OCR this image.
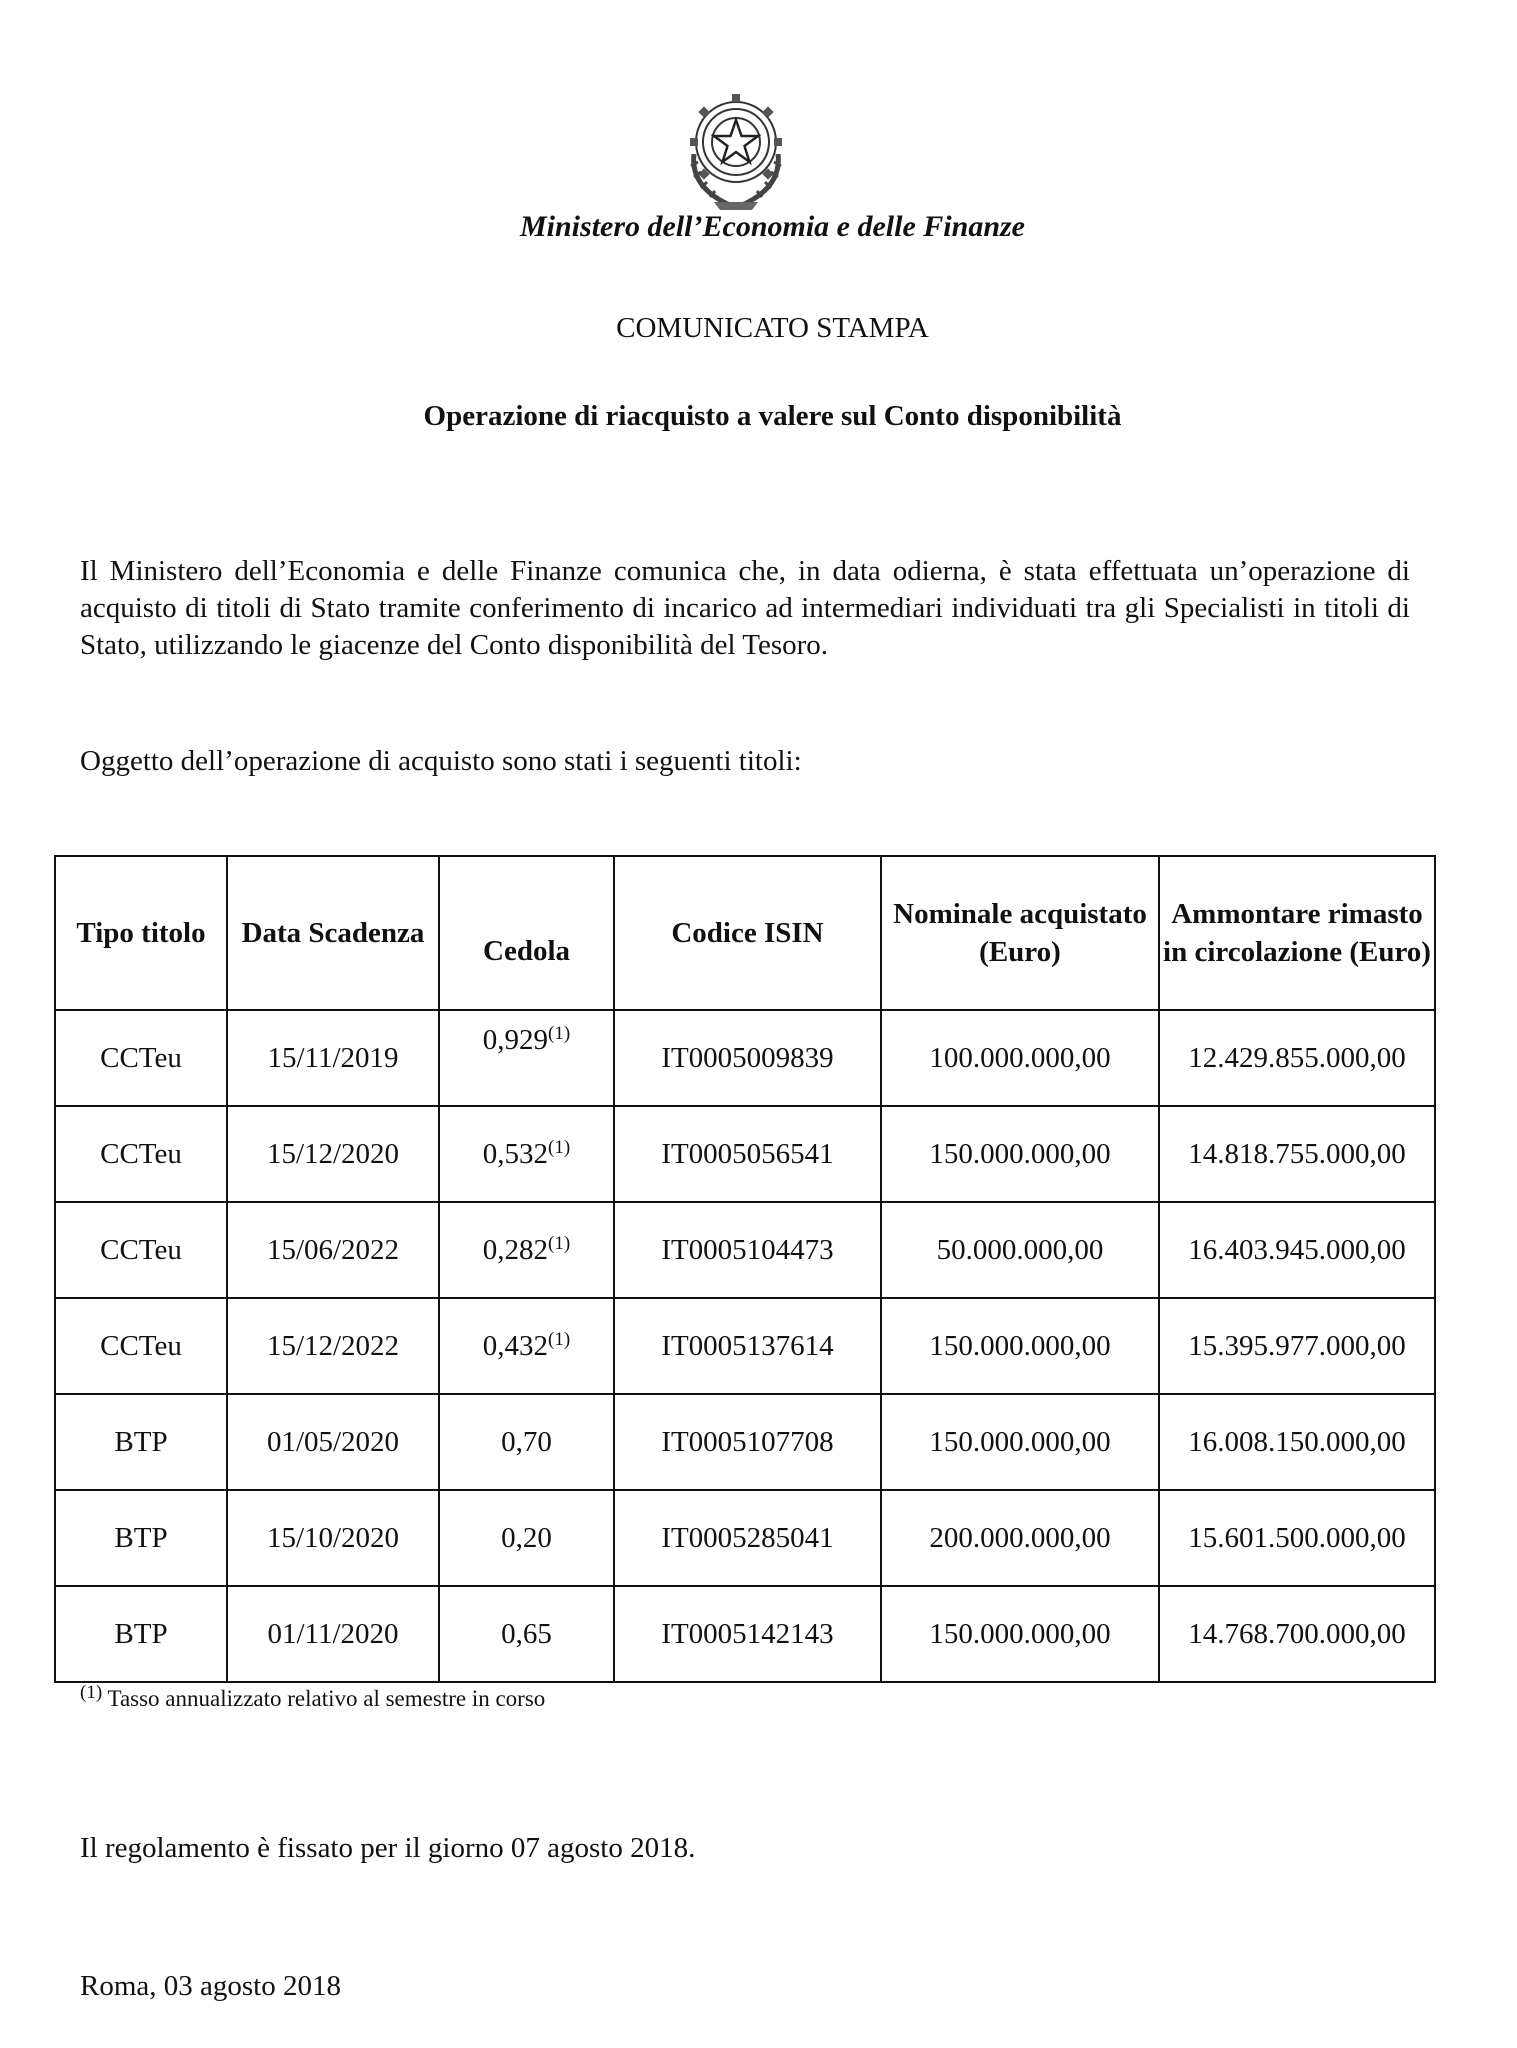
Ministero dell’Economia e delle Finanze
COMUNICATO STAMPA
Operazione di riacquisto a valere sul Conto disponibilità

Il Ministero dell’Economia e delle Finanze comunica che, in data odierna, è stata effettuata un’operazione di acquisto di titoli di Stato tramite conferimento di incarico ad intermediari individuati tra gli Specialisti in titoli di Stato, utilizzando le giacenze del Conto disponibilità del Tesoro.

Oggetto dell’operazione di acquisto sono stati i seguenti titoli:

Tipo titolo	Data Scadenza	Cedola	Codice ISIN	Nominale acquistato (Euro)	Ammontare rimasto in circolazione (Euro)
CCTeu	15/11/2019	0,929$^{(1)}$	IT0005009839	100.000.000,00	12.429.855.000,00
CCTeu	15/12/2020	0,532$^{(1)}$	IT0005056541	150.000.000,00	14.818.755.000,00
CCTeu	15/06/2022	0,282$^{(1)}$	IT0005104473	50.000.000,00	16.403.945.000,00
CCTeu	15/12/2022	0,432$^{(1)}$	IT0005137614	150.000.000,00	15.395.977.000,00
BTP	01/05/2020	0,70	IT0005107708	150.000.000,00	16.008.150.000,00
BTP	15/10/2020	0,20	IT0005285041	200.000.000,00	15.601.500.000,00
BTP	01/11/2020	0,65	IT0005142143	150.000.000,00	14.768.700.000,00
$^{(1)}$ Tasso annualizzato relativo al semestre in corso

Il regolamento è fissato per il giorno 07 agosto 2018.

Roma, 03 agosto 2018
